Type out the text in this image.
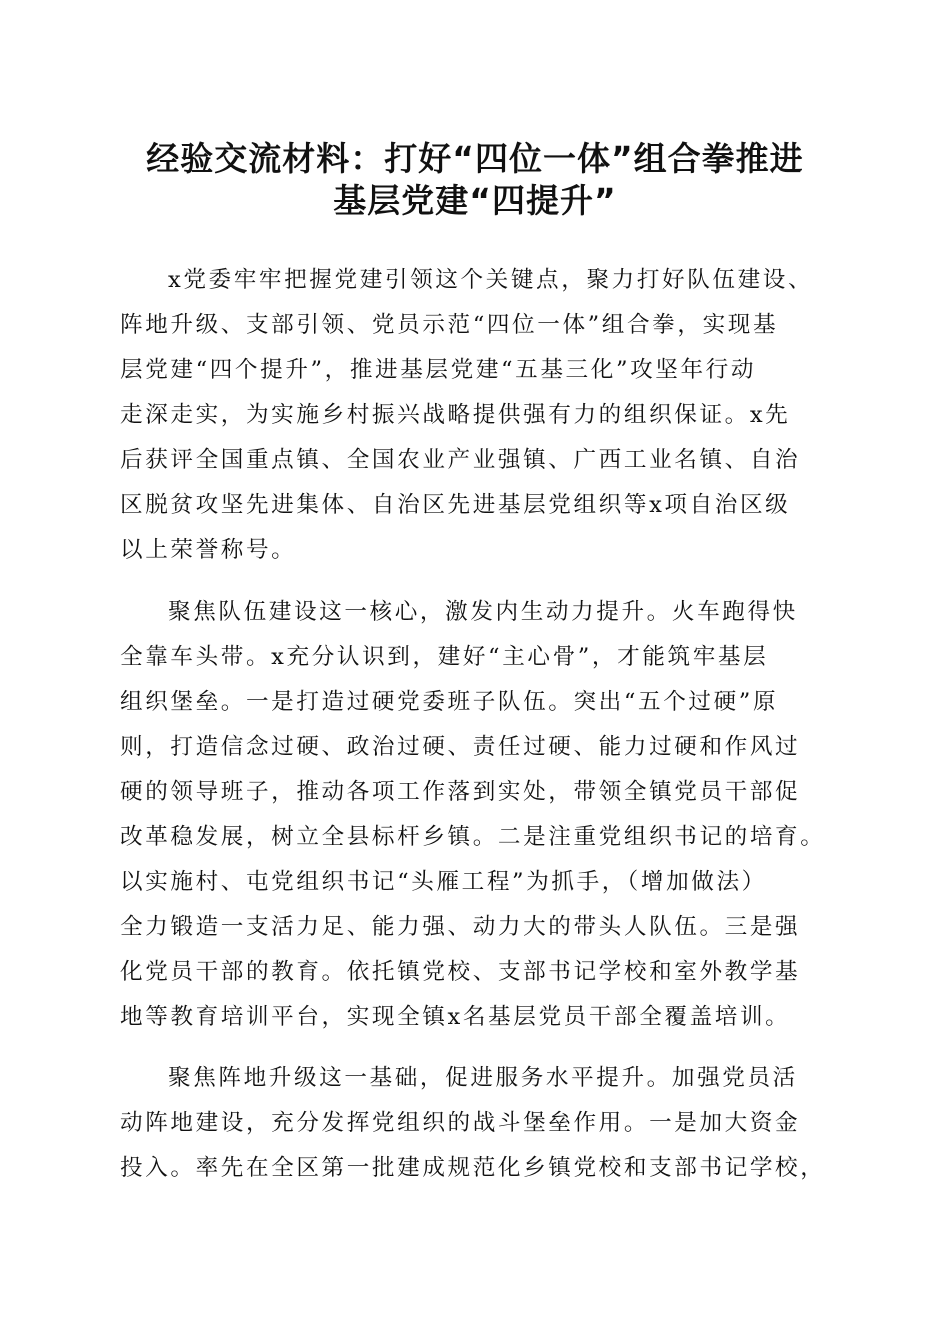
经验交流材料：打好“四位一体”组合拳推进
基层党建“四提升”
x党委牢牢把握党建引领这个关键点，聚力打好队伍建设、
阵地升级、支部引领、党员示范“四位一体”组合拳，实现基
层党建“四个提升”，推进基层党建“五基三化”攻坚年行动
走深走实，为实施乡村振兴战略提供强有力的组织保证。x先
后获评全国重点镇、全国农业产业强镇、广西工业名镇、自治
区脱贫攻坚先进集体、自治区先进基层党组织等x项自治区级
以上荣誉称号。
聚焦队伍建设这一核心，激发内生动力提升。火车跑得快
全靠车头带。x充分认识到，建好“主心骨”，才能筑牢基层
组织堡垒。一是打造过硬党委班子队伍。突出“五个过硬”原
则，打造信念过硬、政治过硬、责任过硬、能力过硬和作风过
硬的领导班子，推动各项工作落到实处，带领全镇党员干部促
改革稳发展，树立全县标杆乡镇。二是注重党组织书记的培育。
以实施村、屯党组织书记“头雁工程”为抓手，（增加做法）
全力锻造一支活力足、能力强、动力大的带头人队伍。三是强
化党员干部的教育。依托镇党校、支部书记学校和室外教学基
地等教育培训平台，实现全镇x名基层党员干部全覆盖培训。
聚焦阵地升级这一基础，促进服务水平提升。加强党员活
动阵地建设，充分发挥党组织的战斗堡垒作用。一是加大资金
投入。率先在全区第一批建成规范化乡镇党校和支部书记学校，
